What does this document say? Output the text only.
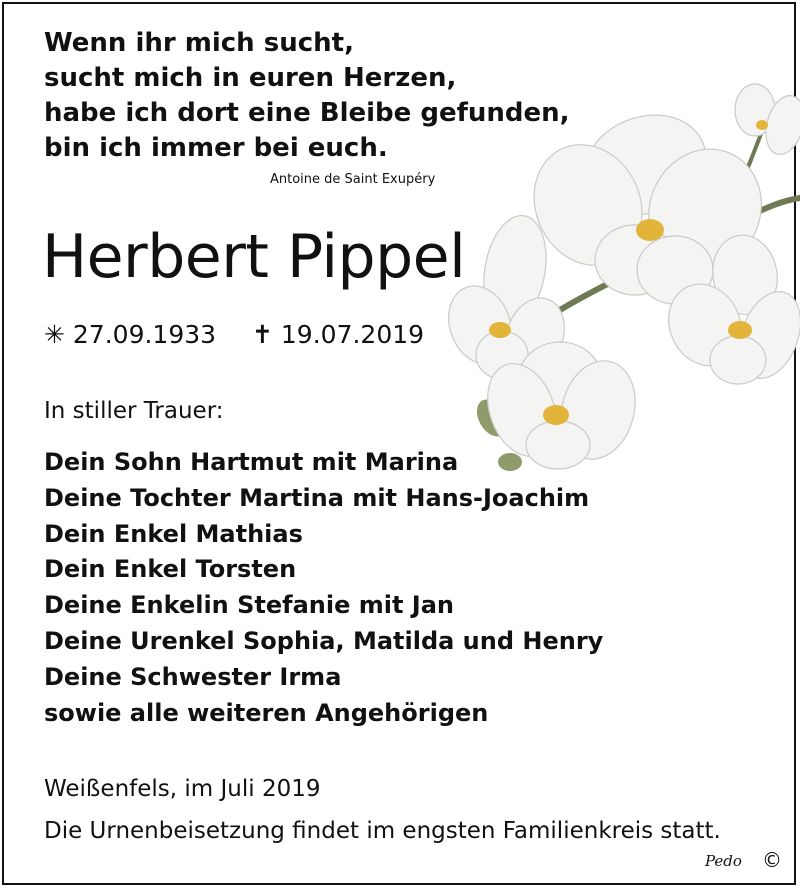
Wenn ihr mich sucht,
sucht mich in euren Herzen,
habe ich dort eine Bleibe gefunden,
bin ich immer bei euch.
Antoine de Saint Exupéry
Herbert Pippel
✳ 27.09.1933 ✝ 19.07.2019
In stiller Trauer:
Dein Sohn Hartmut mit Marina
Deine Tochter Martina mit Hans-Joachim
Dein Enkel Mathias
Dein Enkel Torsten
Deine Enkelin Stefanie mit Jan
Deine Urenkel Sophia, Matilda und Henry
Deine Schwester Irma
sowie alle weiteren Angehörigen
Weißenfels, im Juli 2019
Die Urnenbeisetzung findet im engsten Familienkreis statt.
Pedo ©
